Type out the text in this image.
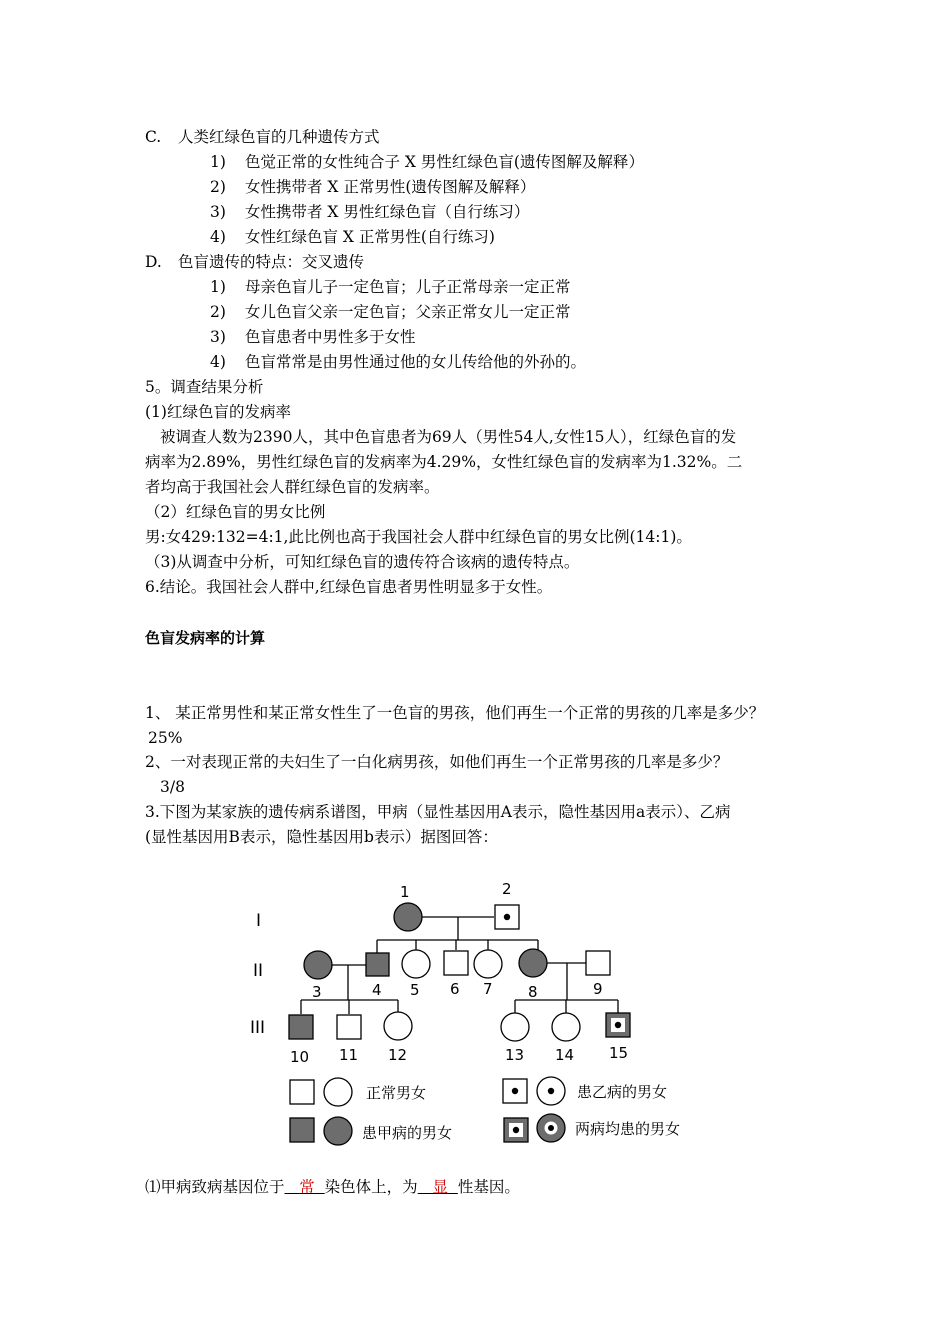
C. 人类红绿色盲的几种遗传方式
1) 色觉正常的女性纯合子 X 男性红绿色盲(遗传图解及解释）
2) 女性携带者 X 正常男性(遗传图解及解释）
3) 女性携带者 X 男性红绿色盲（自行练习）
4) 女性红绿色盲 X 正常男性(自行练习)
D. 色盲遗传的特点：交叉遗传
1) 母亲色盲儿子一定色盲；儿子正常母亲一定正常
2) 女儿色盲父亲一定色盲；父亲正常女儿一定正常
3) 色盲患者中男性多于女性
4) 色盲常常是由男性通过他的女儿传给他的外孙的。
5。调查结果分析
(1)红绿色盲的发病率
被调查人数为2390人，其中色盲患者为69人（男性54人,女性15人），红绿色盲的发
病率为2.89%，男性红绿色盲的发病率为4.29%，女性红绿色盲的发病率为1.32%。二
者均高于我国社会人群红绿色盲的发病率。
（2）红绿色盲的男女比例
男:女429:132=4:1,此比例也高于我国社会人群中红绿色盲的男女比例(14:1)。
（3)从调查中分析，可知红绿色盲的遗传符合该病的遗传特点。
6.结论。我国社会人群中,红绿色盲患者男性明显多于女性。
色盲发病率的计算
1、 某正常男性和某正常女性生了一色盲的男孩，他们再生一个正常的男孩的几率是多少？
25%
2、一对表现正常的夫妇生了一白化病男孩，如他们再生一个正常男孩的几率是多少？
3/8
3.下图为某家族的遗传病系谱图，甲病（显性基因用A表示，隐性基因用a表示）、乙病
(显性基因用B表示，隐性基因用b表示）据图回答：
I
II
III
1	2
3	4 5 6 7 8	9
10 11 12	13 14 15
正常男女	患乙病的男女
患甲病的男女	两病均患的男女
⑴甲病致病基因位于 常 染色体上，为 显 性基因。
